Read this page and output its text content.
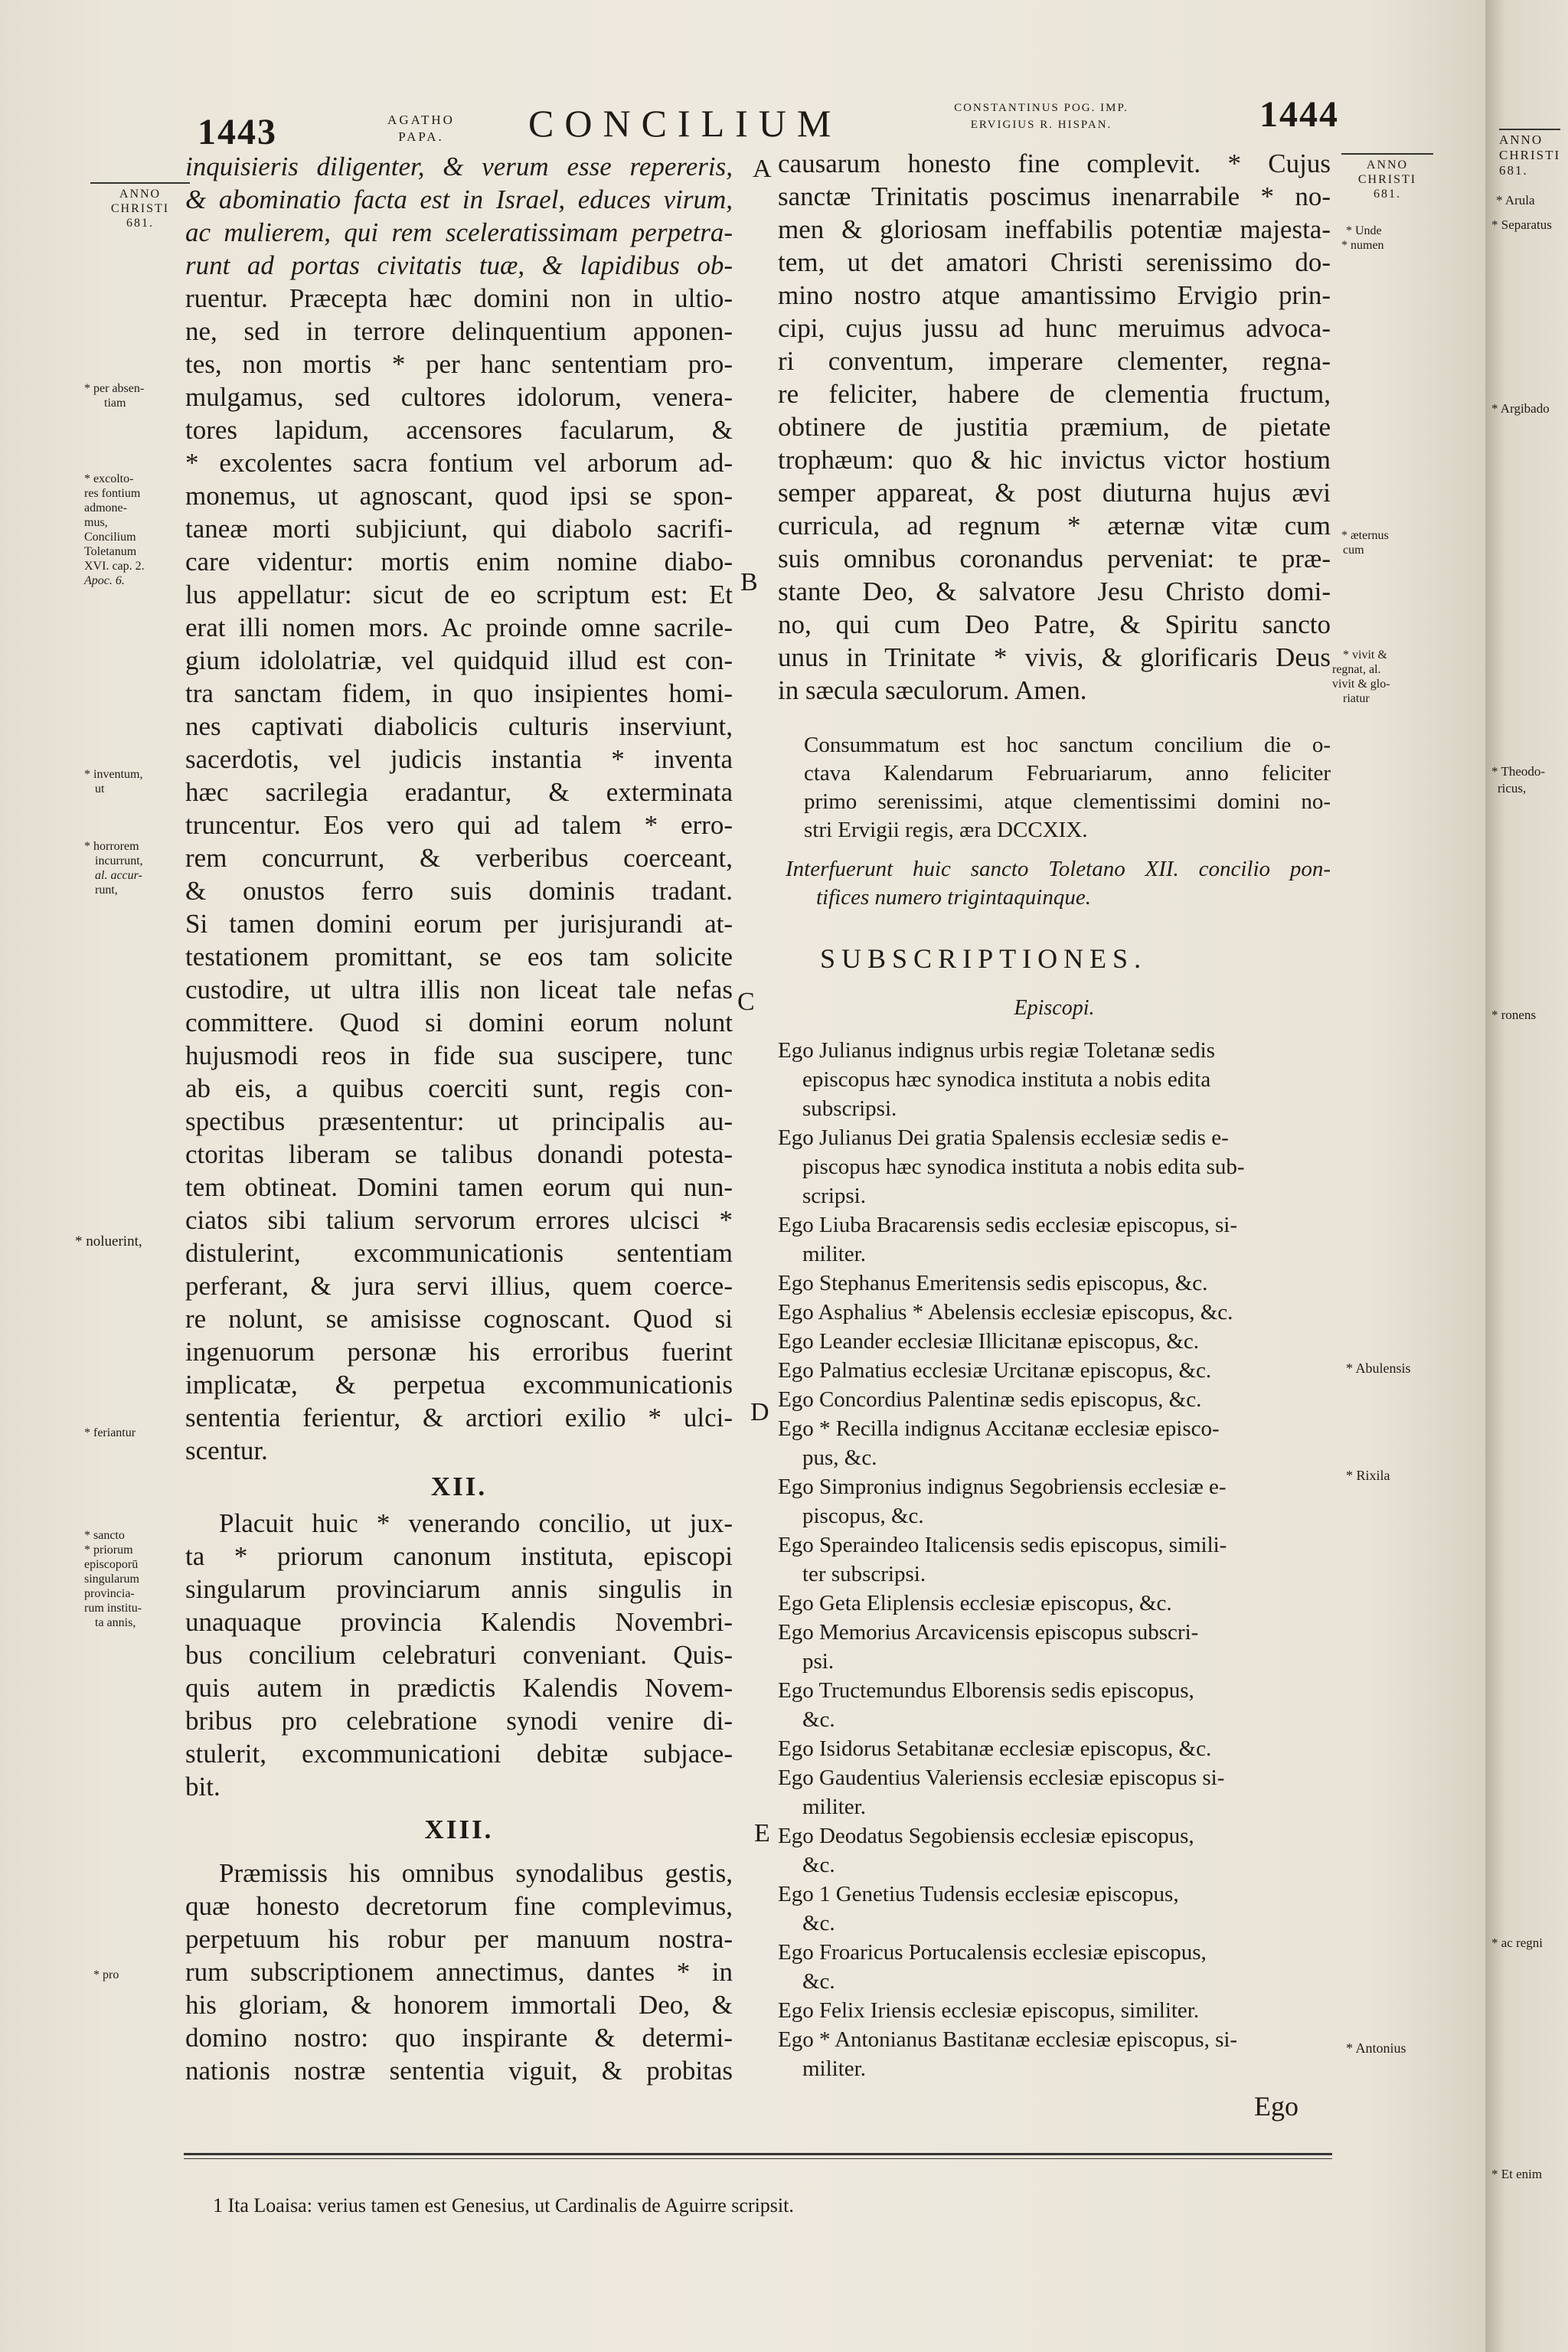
1443	AGATHO
PAPA.	CONCILIUM	CONSTANTINUS POG. IMP.
ERVIGIUS R. HISPAN.	1444
inquisieris diligenter, & verum esse repereris,
& abominatio facta est in Israel, educes virum,
ac mulierem, qui rem sceleratissimam perpetra-
runt ad portas civitatis tuæ, & lapidibus ob-
ruentur. Præcepta hæc domini non in ultio-
ne, sed in terrore delinquentium apponen-
tes, non mortis * per hanc sententiam pro-
mulgamus, sed cultores idolorum, venera-
tores lapidum, accensores facularum, &
* excolentes sacra fontium vel arborum ad-
monemus, ut agnoscant, quod ipsi se spon-
taneæ morti subjiciunt, qui diabolo sacrifi-
care videntur: mortis enim nomine diabo-
lus appellatur: sicut de eo scriptum est: Et
erat illi nomen mors. Ac proinde omne sacrile-
gium idololatriæ, vel quidquid illud est con-
tra sanctam fidem, in quo insipientes homi-
nes captivati diabolicis culturis inserviunt,
sacerdotis, vel judicis instantia * inventa
hæc sacrilegia eradantur, & exterminata
truncentur. Eos vero qui ad talem * erro-
rem concurrunt, & verberibus coerceant,
& onustos ferro suis dominis tradant.
Si tamen domini eorum per jurisjurandi at-
testationem promittant, se eos tam solicite
custodire, ut ultra illis non liceat tale nefas
committere. Quod si domini eorum nolunt
hujusmodi reos in fide sua suscipere, tunc
ab eis, a quibus coerciti sunt, regis con-
spectibus præsententur: ut principalis au-
ctoritas liberam se talibus donandi potesta-
tem obtineat. Domini tamen eorum qui nun-
ciatos sibi talium servorum errores ulcisci *
distulerint, excommunicationis sententiam
perferant, & jura servi illius, quem coerce-
re nolunt, se amisisse cognoscant. Quod si
ingenuorum personæ his erroribus fuerint
implicatæ, & perpetua excommunicationis
sententia ferientur, & arctiori exilio * ulci-
scentur.
XII.
Placuit huic * venerando concilio, ut jux-
ta * priorum canonum instituta, episcopi
singularum provinciarum annis singulis in
unaquaque provincia Kalendis Novembri-
bus concilium celebraturi conveniant. Quis-
quis autem in prædictis Kalendis Novem-
bribus pro celebratione synodi venire di-
stulerit, excommunicationi debitæ subjace-
bit.
XIII.
Præmissis his omnibus synodalibus gestis,
quæ honesto decretorum fine complevimus,
perpetuum his robur per manuum nostra-
rum subscriptionem annectimus, dantes * in
his gloriam, & honorem immortali Deo, &
domino nostro: quo inspirante & determi-
nationis nostræ sententia viguit, & probitas
A
B
C
D
E
causarum honesto fine complevit. * Cujus
sanctæ Trinitatis poscimus inenarrabile * no-
men & gloriosam ineffabilis potentiæ majesta-
tem, ut det amatori Christi serenissimo do-
mino nostro atque amantissimo Ervigio prin-
cipi, cujus jussu ad hunc meruimus advoca-
ri conventum, imperare clementer, regna-
re feliciter, habere de clementia fructum,
obtinere de justitia præmium, de pietate
trophæum: quo & hic invictus victor hostium
semper appareat, & post diuturna hujus ævi
curricula, ad regnum * æternæ vitæ cum
suis omnibus coronandus perveniat: te præ-
stante Deo, & salvatore Jesu Christo domi-
no, qui cum Deo Patre, & Spiritu sancto
unus in Trinitate * vivis, & glorificaris Deus
in sæcula sæculorum. Amen.
Consummatum est hoc sanctum concilium die o-
ctava Kalendarum Februariarum, anno feliciter
primo serenissimi, atque clementissimi domini no-
stri Ervigii regis, æra DCCXIX.
Interfuerunt huic sancto Toletano XII. concilio pon-
tifices numero trigintaquinque.
SUBSCRIPTIONES.
Episcopi.
Ego Julianus indignus urbis regiæ Toletanæ sedis
episcopus hæc synodica instituta a nobis edita
subscripsi.
Ego Julianus Dei gratia Spalensis ecclesiæ sedis e-
piscopus hæc synodica instituta a nobis edita sub-
scripsi.
Ego Liuba Bracarensis sedis ecclesiæ episcopus, si-
militer.
Ego Stephanus Emeritensis sedis episcopus, &c.
Ego Asphalius * Abelensis ecclesiæ episcopus, &c.
Ego Leander ecclesiæ Illicitanæ episcopus, &c.
Ego Palmatius ecclesiæ Urcitanæ episcopus, &c.
Ego Concordius Palentinæ sedis episcopus, &c.
Ego * Recilla indignus Accitanæ ecclesiæ episco-
pus, &c.
Ego Simpronius indignus Segobriensis ecclesiæ e-
piscopus, &c.
Ego Speraindeo Italicensis sedis episcopus, simili-
ter subscripsi.
Ego Geta Eliplensis ecclesiæ episcopus, &c.
Ego Memorius Arcavicensis episcopus subscri-
psi.
Ego Tructemundus Elborensis sedis episcopus,
&c.
Ego Isidorus Setabitanæ ecclesiæ episcopus, &c.
Ego Gaudentius Valeriensis ecclesiæ episcopus si-
militer.
Ego Deodatus Segobiensis ecclesiæ episcopus,
&c.
Ego 1 Genetius Tudensis ecclesiæ episcopus,
&c.
Ego Froaricus Portucalensis ecclesiæ episcopus,
&c.
Ego Felix Iriensis ecclesiæ episcopus, similiter.
Ego * Antonianus Bastitanæ ecclesiæ episcopus, si-
militer.
Ego
ANNO
CHRISTI
681.
* per absen-
tiam
* excolto-
res fontium
admone-
mus,
Concilium
Toletanum
XVI. cap. 2.
Apoc. 6.
* inventum,
ut
* horrorem
incurrunt,
al. accur-
runt,
* noluerint,
* feriantur
* sancto
* priorum
episcoporū
singularum
provincia-
rum institu-
ta annis,
* pro
ANNO
CHRISTI
681.
* Unde
* numen
* æternus
cum
* vivit &
regnat, al.
vivit & glo-
riatur
* Abulensis
* Rixila
* Antonius
1 Ita Loaisa: verius tamen est Genesius, ut Cardinalis de Aguirre scripsit.
ANNO
CHRISTI
681.
* Arula
* Separatus
* Argibado
* Theodo-
ricus,
* ronens
* ac regni
* Et enim
